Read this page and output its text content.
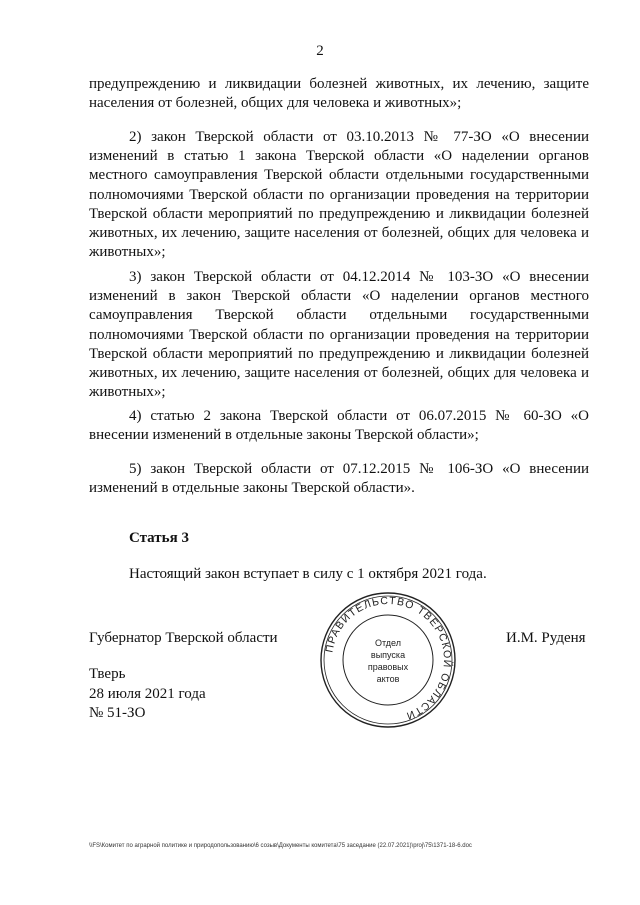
2
предупреждению и ликвидации болезней животных, их лечению, защите населения от болезней, общих для человека и животных»;
2) закон Тверской области от 03.10.2013 № 77-ЗО «О внесении изменений в статью 1 закона Тверской области «О наделении органов местного самоуправления Тверской области отдельными государственными полномочиями Тверской области по организации проведения на территории Тверской области мероприятий по предупреждению и ликвидации болезней животных, их лечению, защите населения от болезней, общих для человека и животных»;
3) закон Тверской области от 04.12.2014 № 103-ЗО «О внесении изменений в закон Тверской области «О наделении органов местного самоуправления Тверской области отдельными государственными полномочиями Тверской области по организации проведения на территории Тверской области мероприятий по предупреждению и ликвидации болезней животных, их лечению, защите населения от болезней, общих для человека и животных»;
4) статью 2 закона Тверской области от 06.07.2015 № 60-ЗО «О внесении изменений в отдельные законы Тверской области»;
5) закон Тверской области от 07.12.2015 № 106-ЗО «О внесении изменений в отдельные законы Тверской области».
Статья 3
Настоящий закон вступает в силу с 1 октября 2021 года.
Губернатор Тверской области
ПРАВИТЕЛЬСТВО ТВЕРСКОЙ ОБЛАСТИ
Отдел
выпуска
правовых
актов
И.М. Руденя
Тверь
28 июля 2021 года
№ 51-ЗО
\\FS\Комитет по аграрной политике и природопользованию\6 созыв\Документы комитета\75 заседание (22.07.2021)\proj\75\1371-18-6.doc
